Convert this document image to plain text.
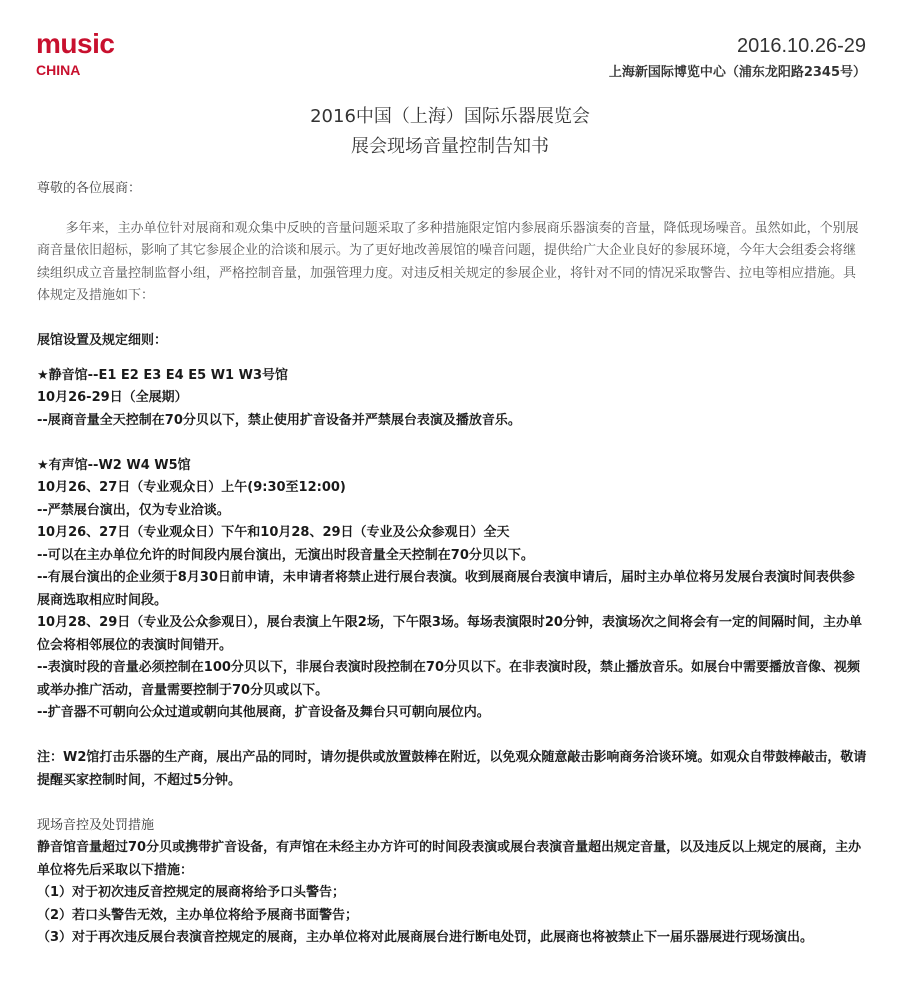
music
CHINA
2016.10.26-29
上海新国际博览中心（浦东龙阳路2345号）
2016中国（上海）国际乐器展览会
展会现场音量控制告知书

尊敬的各位展商：

多年来，主办单位针对展商和观众集中反映的音量问题采取了多种措施限定馆内参展商乐器演奏的音量，降低现场噪音。虽然如此，个别展商音量依旧超标，影响了其它参展企业的洽谈和展示。为了更好地改善展馆的噪音问题，提供给广大企业良好的参展环境，今年大会组委会将继续组织成立音量控制监督小组，严格控制音量，加强管理力度。对违反相关规定的参展企业，将针对不同的情况采取警告、拉电等相应措施。具体规定及措施如下：

展馆设置及规定细则：

★静音馆--E1 E2 E3 E4 E5 W1 W3号馆

10月26-29日（全展期）

--展商音量全天控制在70分贝以下，禁止使用扩音设备并严禁展台表演及播放音乐。

★有声馆--W2 W4 W5馆

10月26、27日（专业观众日）上午(9:30至12:00)

--严禁展台演出，仅为专业洽谈。

10月26、27日（专业观众日）下午和10月28、29日（专业及公众参观日）全天

--可以在主办单位允许的时间段内展台演出，无演出时段音量全天控制在70分贝以下。

--有展台演出的企业须于8月30日前申请，未申请者将禁止进行展台表演。收到展商展台表演申请后，届时主办单位将另发展台表演时间表供参展商选取相应时间段。

10月28、29日（专业及公众参观日），展台表演上午限2场，下午限3场。每场表演限时20分钟，表演场次之间将会有一定的间隔时间，主办单位会将相邻展位的表演时间错开。

--表演时段的音量必须控制在100分贝以下，非展台表演时段控制在70分贝以下。在非表演时段，禁止播放音乐。如展台中需要播放音像、视频或举办推广活动，音量需要控制于70分贝或以下。

--扩音器不可朝向公众过道或朝向其他展商，扩音设备及舞台只可朝向展位内。

注：W2馆打击乐器的生产商，展出产品的同时，请勿提供或放置鼓棒在附近，以免观众随意敲击影响商务洽谈环境。如观众自带鼓棒敲击，敬请提醒买家控制时间，不超过5分钟。

现场音控及处罚措施

静音馆音量超过70分贝或携带扩音设备，有声馆在未经主办方许可的时间段表演或展台表演音量超出规定音量，以及违反以上规定的展商，主办单位将先后采取以下措施：

（1）对于初次违反音控规定的展商将给予口头警告；

（2）若口头警告无效，主办单位将给予展商书面警告；

（3）对于再次违反展台表演音控规定的展商，主办单位将对此展商展台进行断电处罚，此展商也将被禁止下一届乐器展进行现场演出。
